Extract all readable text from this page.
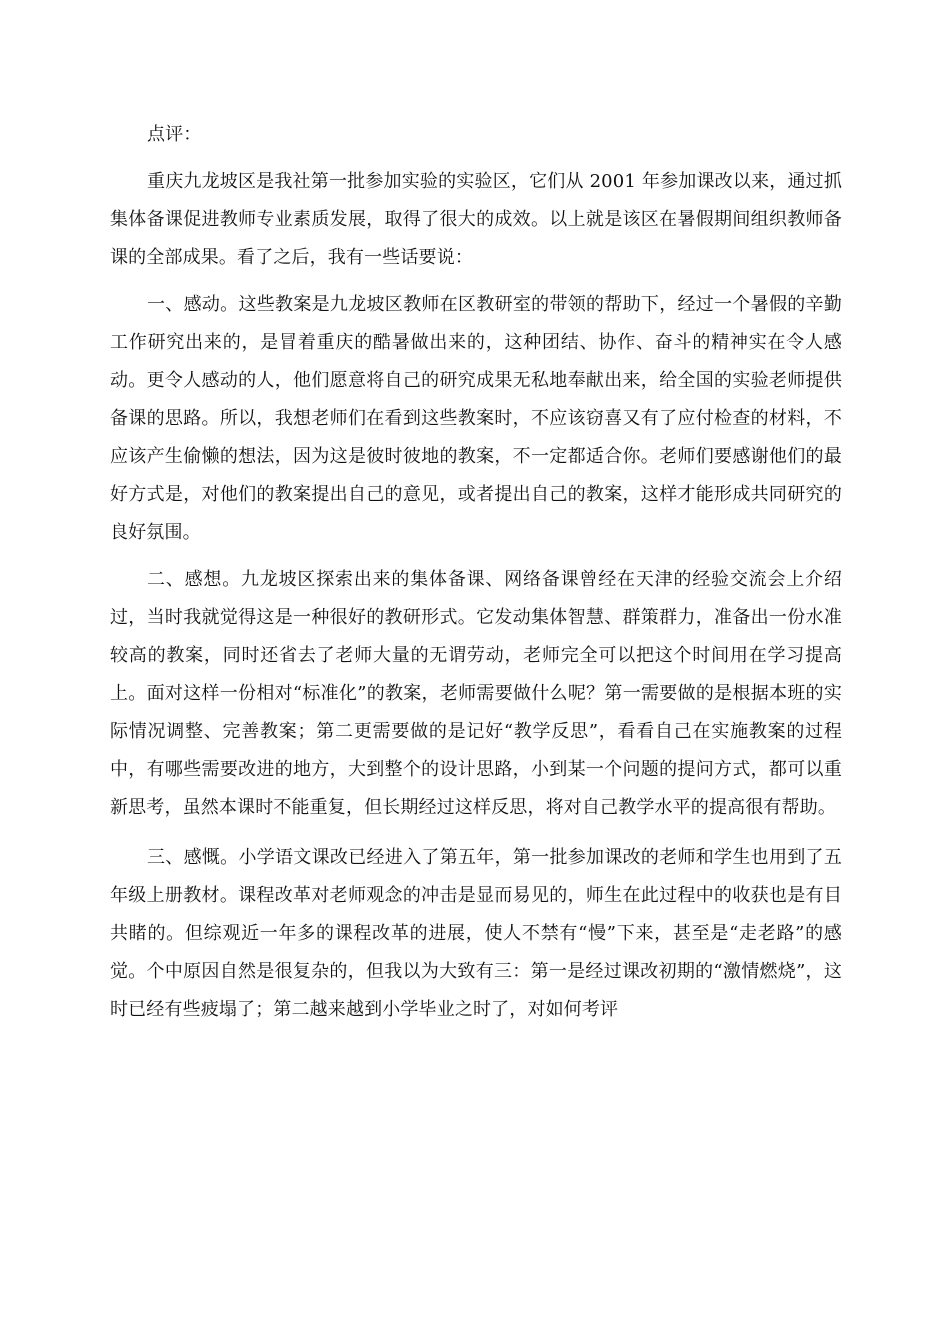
点评：

重庆九龙坡区是我社第一批参加实验的实验区，它们从 2001 年参加课改以来，通过抓集体备课促进教师专业素质发展，取得了很大的成效。以上就是该区在暑假期间组织教师备课的全部成果。看了之后，我有一些话要说：

一、感动。这些教案是九龙坡区教师在区教研室的带领的帮助下，经过一个暑假的辛勤工作研究出来的，是冒着重庆的酷暑做出来的，这种团结、协作、奋斗的精神实在令人感动。更令人感动的人，他们愿意将自己的研究成果无私地奉献出来，给全国的实验老师提供备课的思路。所以，我想老师们在看到这些教案时，不应该窃喜又有了应付检查的材料，不应该产生偷懒的想法，因为这是彼时彼地的教案，不一定都适合你。老师们要感谢他们的最好方式是，对他们的教案提出自己的意见，或者提出自己的教案，这样才能形成共同研究的良好氛围。

二、感想。九龙坡区探索出来的集体备课、网络备课曾经在天津的经验交流会上介绍过，当时我就觉得这是一种很好的教研形式。它发动集体智慧、群策群力，准备出一份水准较高的教案，同时还省去了老师大量的无谓劳动，老师完全可以把这个时间用在学习提高上。面对这样一份相对“标准化”的教案，老师需要做什么呢？第一需要做的是根据本班的实际情况调整、完善教案；第二更需要做的是记好“教学反思”，看看自己在实施教案的过程中，有哪些需要改进的地方，大到整个的设计思路，小到某一个问题的提问方式，都可以重新思考，虽然本课时不能重复，但长期经过这样反思，将对自己教学水平的提高很有帮助。

三、感慨。小学语文课改已经进入了第五年，第一批参加课改的老师和学生也用到了五年级上册教材。课程改革对老师观念的冲击是显而易见的，师生在此过程中的收获也是有目共睹的。但综观近一年多的课程改革的进展，使人不禁有“慢”下来，甚至是“走老路”的感觉。个中原因自然是很复杂的，但我以为大致有三：第一是经过课改初期的“激情燃烧”，这时已经有些疲塌了；第二越来越到小学毕业之时了，对如何考评
